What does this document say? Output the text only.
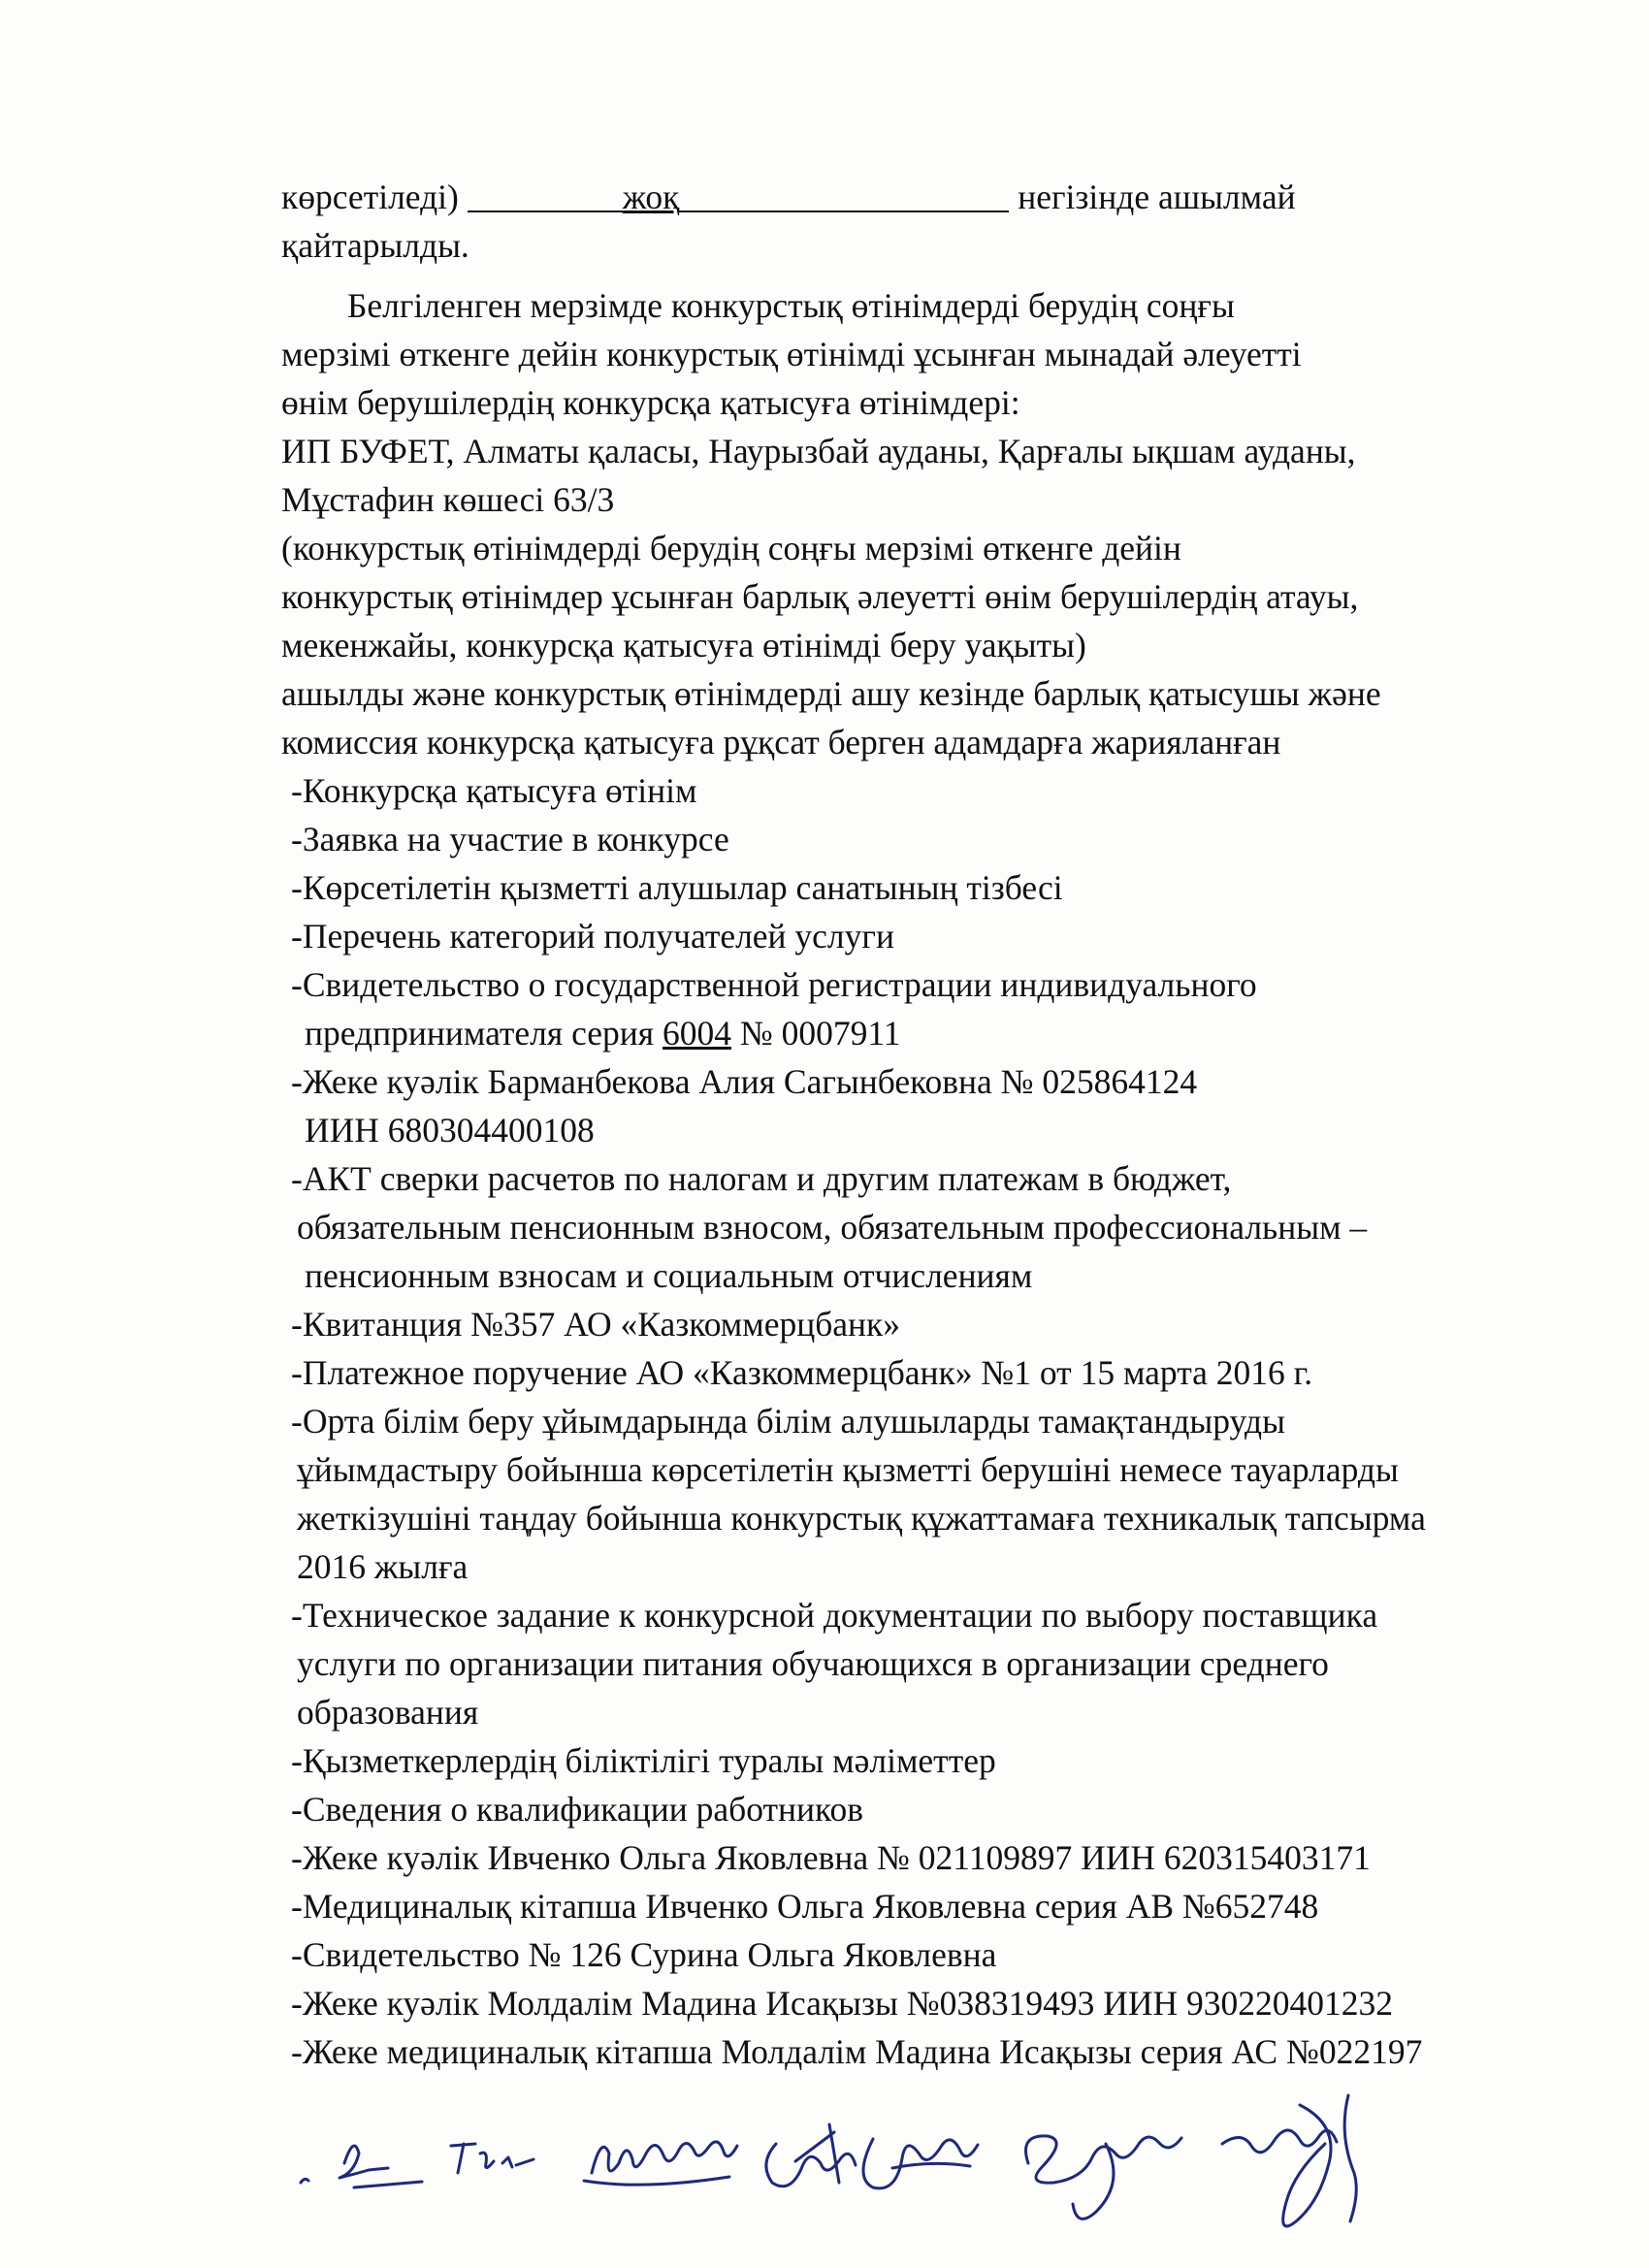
көрсетіледі)	жоқ	негізінде ашылмай
қайтарылды.
Белгіленген мерзімде конкурстық өтінімдерді берудің соңғы
мерзімі өткенге дейін конкурстық өтінімді ұсынған мынадай әлеуетті
өнім берушілердің конкурсқа қатысуға өтінімдері:
ИП БУФЕТ, Алматы қаласы, Наурызбай ауданы, Қарғалы ықшам ауданы,
Мұстафин көшесі 63/3
(конкурстық өтінімдерді берудің соңғы мерзімі өткенге дейін
конкурстық өтінімдер ұсынған барлық әлеуетті өнім берушілердің атауы,
мекенжайы, конкурсқа қатысуға өтінімді беру уақыты)
ашылды және конкурстық өтінімдерді ашу кезінде барлық қатысушы және
комиссия конкурсқа қатысуға рұқсат берген адамдарға жарияланған
-Конкурсқа қатысуға өтінім
-Заявка на участие в конкурсе
-Көрсетілетін қызметті алушылар санатының тізбесі
-Перечень категорий получателей услуги
-Свидетельство о государственной регистрации индивидуального
предпринимателя серия 6004 № 0007911
-Жеке куәлік Барманбекова Алия Сагынбековна № 025864124
ИИН 680304400108
-АКТ сверки расчетов по налогам и другим платежам в бюджет,
обязательным пенсионным взносом, обязательным профессиональным –
пенсионным взносам и социальным отчислениям
-Квитанция №357 АО «Казкоммерцбанк»
-Платежное поручение АО «Казкоммерцбанк» №1 от 15 марта 2016 г.
-Орта білім беру ұйымдарында білім алушыларды тамақтандыруды
ұйымдастыру бойынша көрсетілетін қызметті берушіні немесе тауарларды
жеткізушіні таңдау бойынша конкурстық құжаттамаға техникалық тапсырма
2016 жылға
-Техническое задание к конкурсной документации по выбору поставщика
услуги по организации питания обучающихся в организации среднего
образования
-Қызметкерлердің біліктілігі туралы мәліметтер
-Сведения о квалификации работников
-Жеке куәлік Ивченко Ольга Яковлевна № 021109897 ИИН 620315403171
-Медициналық кітапша Ивченко Ольга Яковлевна серия АВ №652748
-Свидетельство № 126 Сурина Ольга Яковлевна
-Жеке куәлік Молдалім Мадина Исақызы №038319493 ИИН 930220401232
-Жеке медициналық кітапша Молдалім Мадина Исақызы серия АС №022197
